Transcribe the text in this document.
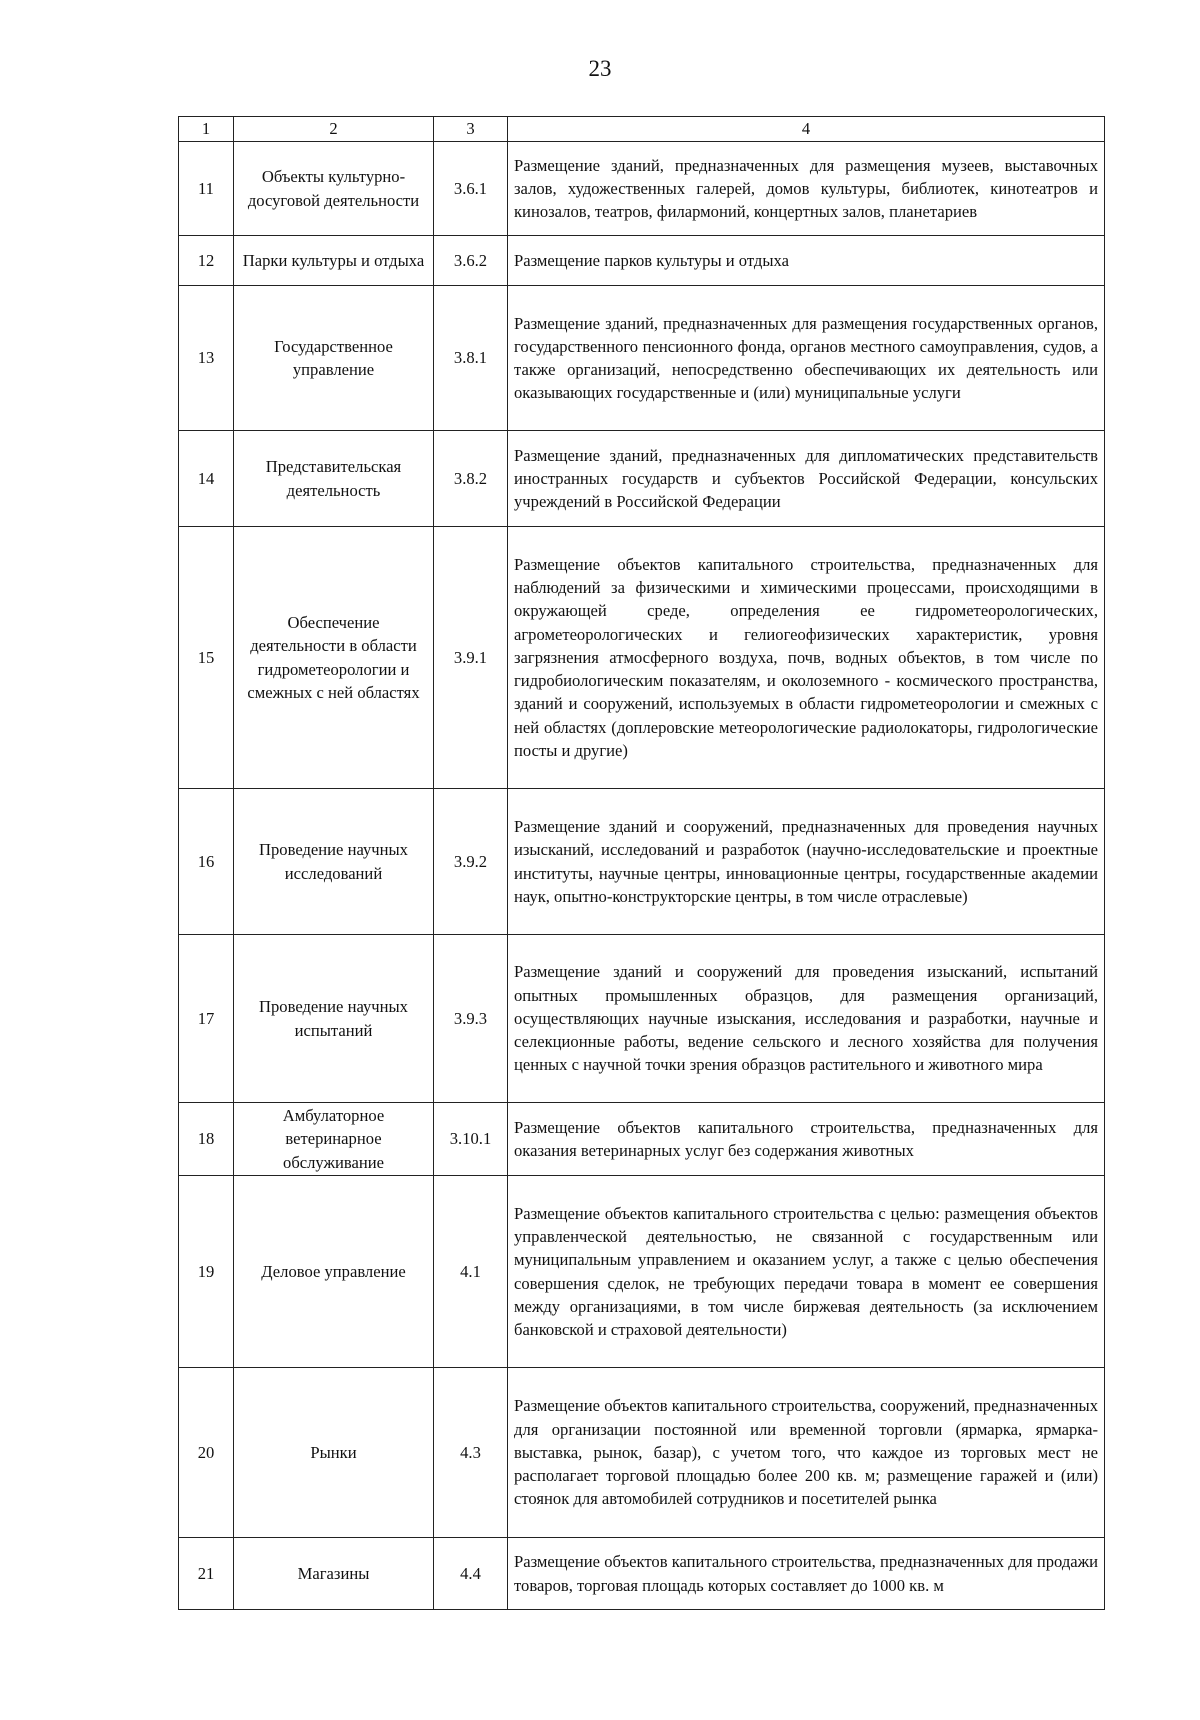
23
1	2	3	4
11	Объекты культурно-досуговой деятельности	3.6.1	Размещение зданий, предназначенных для размещения музеев, выставочных залов, художественных галерей, домов культуры, библиотек, кинотеатров и кинозалов, театров, филармоний, концертных залов, планетариев
12	Парки культуры и отдыха	3.6.2	Размещение парков культуры и отдыха
13	Государственное управление	3.8.1	Размещение зданий, предназначенных для размещения государственных органов, государственного пенсионного фонда, органов местного самоуправления, судов, а также организаций, непосредственно обеспечивающих их деятельность или оказывающих государственные и (или) муниципальные услуги
14	Представительская деятельность	3.8.2	Размещение зданий, предназначенных для дипломатических представительств иностранных государств и субъектов Российской Федерации, консульских учреждений в Российской Федерации
15	Обеспечение деятельности в области гидрометеорологии и смежных с ней областях	3.9.1	Размещение объектов капитального строительства, предназначенных для наблюдений за физическими и химическими процессами, происходящими в окружающей среде, определения ее гидрометеорологических, агрометеорологических и гелиогеофизических характеристик, уровня загрязнения атмосферного воздуха, почв, водных объектов, в том числе по гидробиологическим показателям, и околоземного - космического пространства, зданий и сооружений, используемых в области гидрометеорологии и смежных с ней областях (доплеровские метеорологические радиолокаторы, гидрологические посты и другие)
16	Проведение научных исследований	3.9.2	Размещение зданий и сооружений, предназначенных для проведения научных изысканий, исследований и разработок (научно-исследовательские и проектные институты, научные центры, инновационные центры, государственные академии наук, опытно-конструкторские центры, в том числе отраслевые)
17	Проведение научных испытаний	3.9.3	Размещение зданий и сооружений для проведения изысканий, испытаний опытных промышленных образцов, для размещения организаций, осуществляющих научные изыскания, исследования и разработки, научные и селекционные работы, ведение сельского и лесного хозяйства для получения ценных с научной точки зрения образцов растительного и животного мира
18	Амбулаторное ветеринарное обслуживание	3.10.1	Размещение объектов капитального строительства, предназначенных для оказания ветеринарных услуг без содержания животных
19	Деловое управление	4.1	Размещение объектов капитального строительства с целью: размещения объектов управленческой деятельностью, не связанной с государственным или муниципальным управлением и оказанием услуг, а также с целью обеспечения совершения сделок, не требующих передачи товара в момент ее совершения между организациями, в том числе биржевая деятельность (за исключением банковской и страховой деятельности)
20	Рынки	4.3	Размещение объектов капитального строительства, сооружений, предназначенных для организации постоянной или временной торговли (ярмарка, ярмарка-выставка, рынок, базар), с учетом того, что каждое из торговых мест не располагает торговой площадью более 200 кв. м; размещение гаражей и (или) стоянок для автомобилей сотрудников и посетителей рынка
21	Магазины	4.4	Размещение объектов капитального строительства, предназначенных для продажи товаров, торговая площадь которых составляет до 1000 кв. м
